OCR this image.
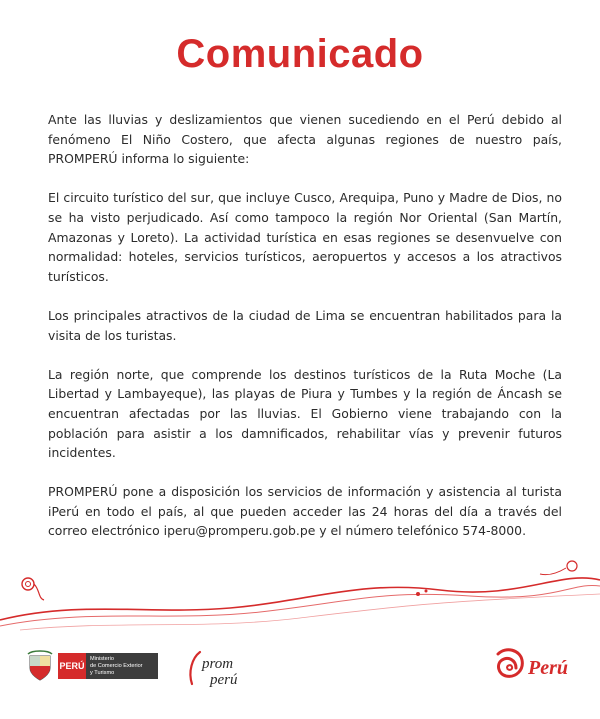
Comunicado

Ante las lluvias y deslizamientos que vienen sucediendo en el Perú debido al fenómeno El Niño Costero, que afecta algunas regiones de nuestro país, PROMPERÚ informa lo siguiente:

El circuito turístico del sur, que incluye Cusco, Arequipa, Puno y Madre de Dios, no se ha visto perjudicado. Así como tampoco la región Nor Oriental (San Martín, Amazonas y Loreto). La actividad turística en esas regiones se desenvuelve con normalidad: hoteles, servicios turísticos, aeropuertos y accesos a los atractivos turísticos.

Los principales atractivos de la ciudad de Lima se encuentran habilitados para la visita de los turistas.

La región norte, que comprende los destinos turísticos de la Ruta Moche (La Libertad y Lambayeque), las playas de Piura y Tumbes y la región de Áncash se encuentran afectadas por las lluvias. El Gobierno viene trabajando con la población para asistir a los damnificados, rehabilitar vías y prevenir futuros incidentes.

PROMPERÚ pone a disposición los servicios de información y asistencia al turista iPerú en todo el país, al que pueden acceder las 24 horas del día a través del correo electrónico iperu@promperu.gob.pe y el número telefónico 574-8000.

PERÚ
Ministerio
de Comercio Exterior
y Turismo
prom
perú
Perú
